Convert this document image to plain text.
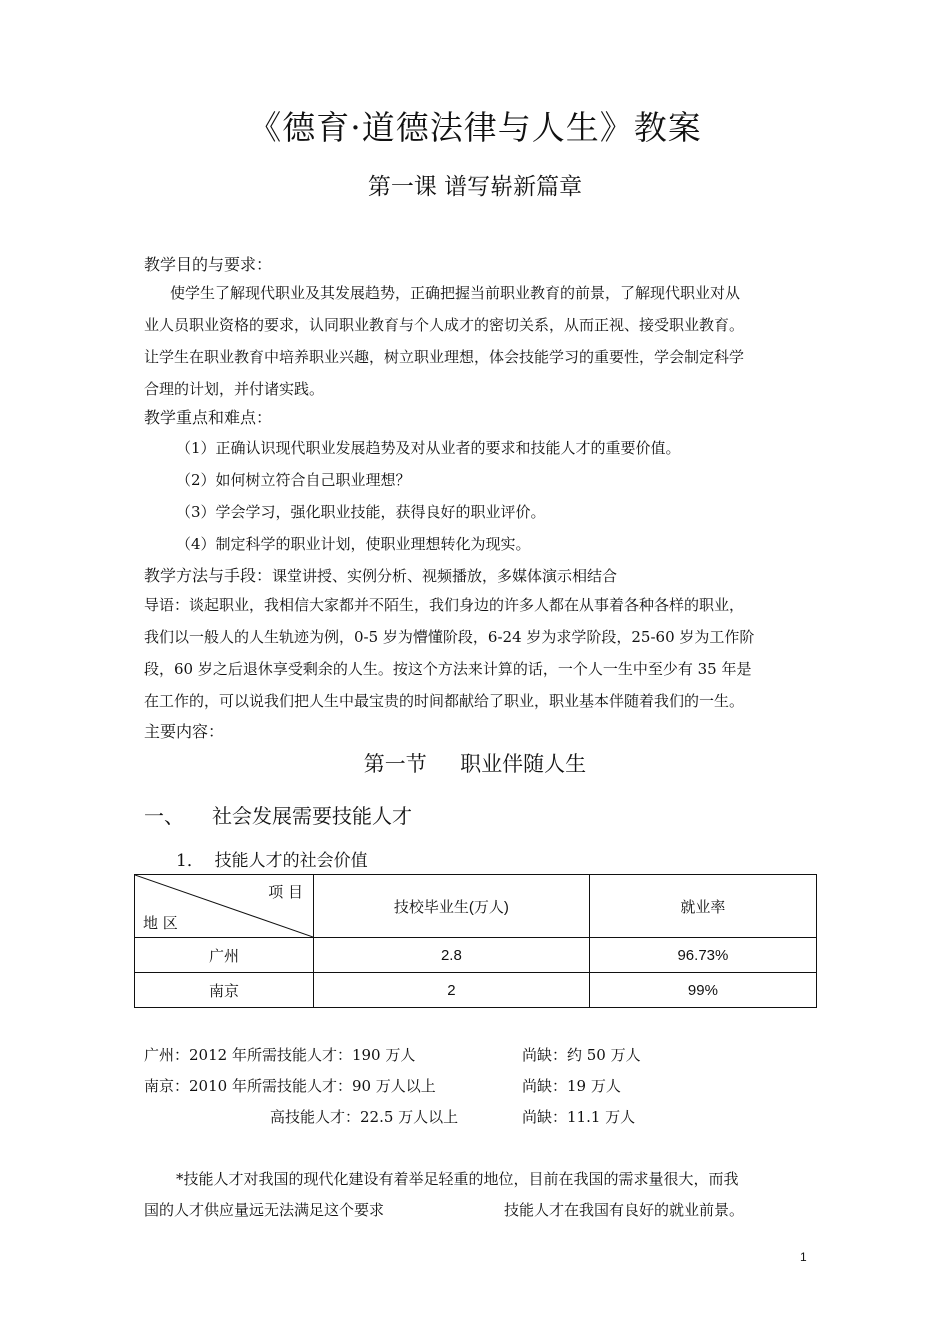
《德育·道德法律与人生》教案
第一课 谱写崭新篇章
教学目的与要求：
使学生了解现代职业及其发展趋势，正确把握当前职业教育的前景，了解现代职业对从
业人员职业资格的要求，认同职业教育与个人成才的密切关系，从而正视、接受职业教育。
让学生在职业教育中培养职业兴趣，树立职业理想，体会技能学习的重要性，学会制定科学
合理的计划，并付诸实践。
教学重点和难点：
（1）正确认识现代职业发展趋势及对从业者的要求和技能人才的重要价值。
（2）如何树立符合自己职业理想？
（3）学会学习，强化职业技能，获得良好的职业评价。
（4）制定科学的职业计划，使职业理想转化为现实。
教学方法与手段：课堂讲授、实例分析、视频播放，多媒体演示相结合
导语：谈起职业，我相信大家都并不陌生，我们身边的许多人都在从事着各种各样的职业，
我们以一般人的人生轨迹为例，0-5 岁为懵懂阶段，6-24 岁为求学阶段，25-60 岁为工作阶
段，60 岁之后退休享受剩余的人生。按这个方法来计算的话，一个人一生中至少有 35 年是
在工作的，可以说我们把人生中最宝贵的时间都献给了职业，职业基本伴随着我们的一生。
主要内容：
第一节     职业伴随人生
一、 社会发展需要技能人才
1．  技能人才的社会价值
项 目
地 区	技校毕业生(万人)	就业率
广州	2.8	96.73%
南京	2	99%
广州：2012 年所需技能人才：190 万人	尚缺：约 50 万人
南京：2010 年所需技能人才：90 万人以上	尚缺：19 万人
高技能人才：22.5 万人以上	尚缺：11.1 万人
*技能人才对我国的现代化建设有着举足轻重的地位，目前在我国的需求量很大，而我
国的人才供应量远无法满足这个要求	技能人才在我国有良好的就业前景。
1
